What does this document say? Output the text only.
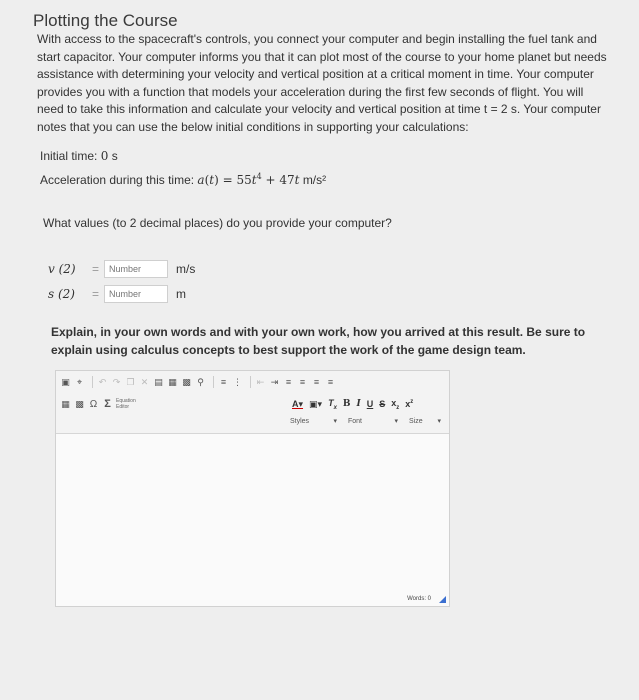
Plotting the Course
With access to the spacecraft's controls, you connect your computer and begin installing the fuel tank and start capacitor. Your computer informs you that it can plot most of the course to your home planet but needs assistance with determining your velocity and vertical position at a critical moment in time. Your computer provides you with a function that models your acceleration during the first few seconds of flight. You will need to take this information and calculate your velocity and vertical position at time t = 2 s. Your computer notes that you can use the below initial conditions in supporting your calculations:
Initial time: 0 s
Acceleration during this time: $a(t) = 55t^4 + 47t$ m/s²
What values (to 2 decimal places) do you provide your computer?
v (2)	= Number	m/s
s (2)	= Number	m
Explain, in your own words and with your own work, how you arrived at this result. Be sure to explain using calculus concepts to best support the work of the game design team.
▣ ⌖	↶ ↷ ❐ ✕ ▤ ▦ ▩ ⚲	≡ ⋮ ⇤ ⇥ ≡ ≡ ≡ ≡
▦ ▩ Ω Σ	Equation Editor	A▾ ▣▾ $T_x$ B I U S $x_z$ $x^z$
Styles	▾ Font	▾ Size ▾
Words: 0
